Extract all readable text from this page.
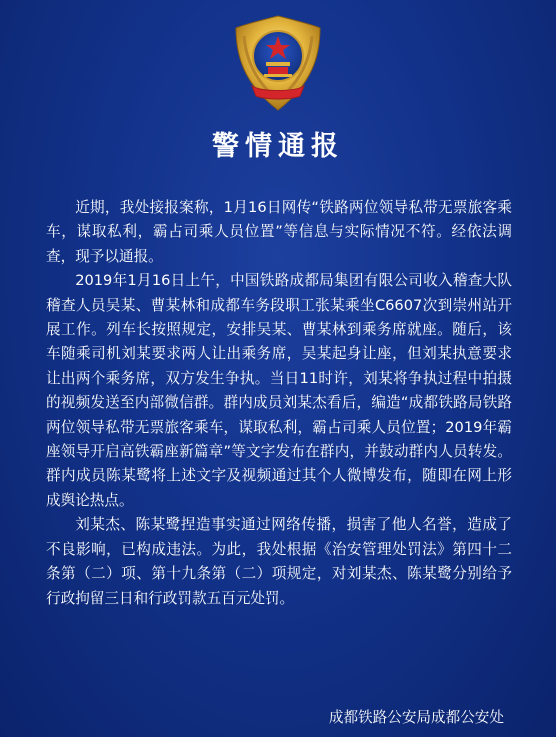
警情通报

近期，我处接报案称，1月16日网传“铁路两位领导私带无票旅客乘车，谋取私利，霸占司乘人员位置”等信息与实际情况不符。经依法调查，现予以通报。

2019年1月16日上午，中国铁路成都局集团有限公司收入稽查大队稽查人员吴某、曹某林和成都车务段职工张某乘坐C6607次到崇州站开展工作。列车长按照规定，安排吴某、曹某林到乘务席就座。随后，该车随乘司机刘某要求两人让出乘务席，吴某起身让座，但刘某执意要求让出两个乘务席，双方发生争执。当日11时许，刘某将争执过程中拍摄的视频发送至内部微信群。群内成员刘某杰看后，编造“成都铁路局铁路两位领导私带无票旅客乘车，谋取私利，霸占司乘人员位置；2019年霸座领导开启高铁霸座新篇章”等文字发布在群内，并鼓动群内人员转发。群内成员陈某鹭将上述文字及视频通过其个人微博发布，随即在网上形成舆论热点。

刘某杰、陈某鹭捏造事实通过网络传播，损害了他人名誉，造成了不良影响，已构成违法。为此，我处根据《治安管理处罚法》第四十二条第（二）项、第十九条第（二）项规定，对刘某杰、陈某鹭分别给予行政拘留三日和行政罚款五百元处罚。

成都铁路公安局成都公安处
